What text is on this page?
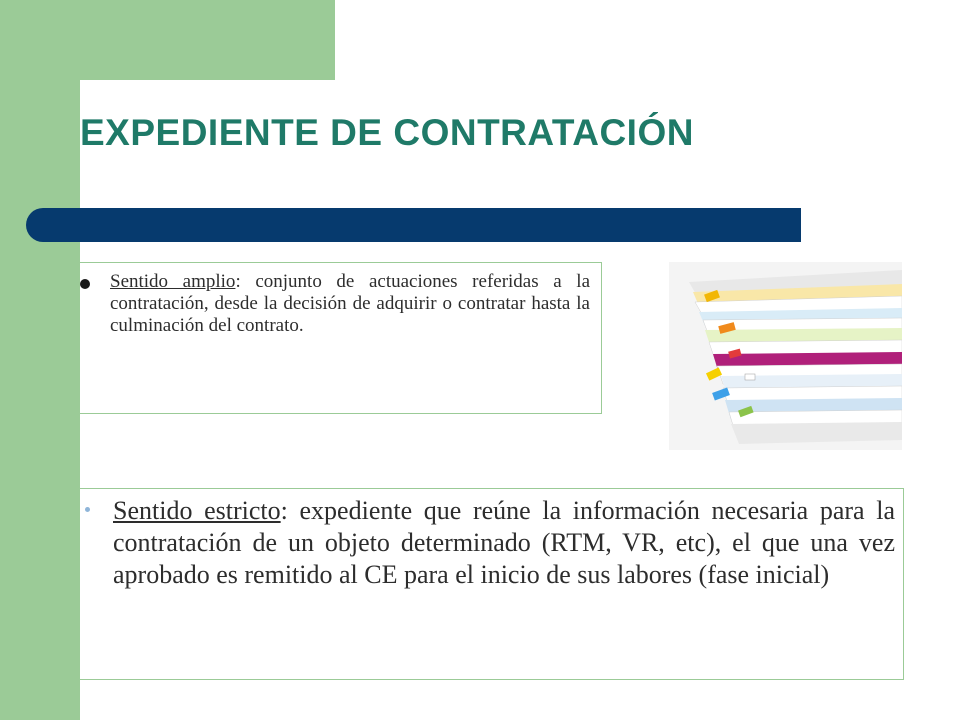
EXPEDIENTE DE CONTRATACIÓN
Sentido amplio: conjunto de actuaciones referidas a la contratación, desde la decisión de adquirir o contratar hasta la culminación del contrato.
Sentido estricto: expediente que reúne la información necesaria para la contratación de un objeto determinado (RTM, VR, etc), el que una vez aprobado es remitido al CE para el inicio de sus labores (fase inicial)
